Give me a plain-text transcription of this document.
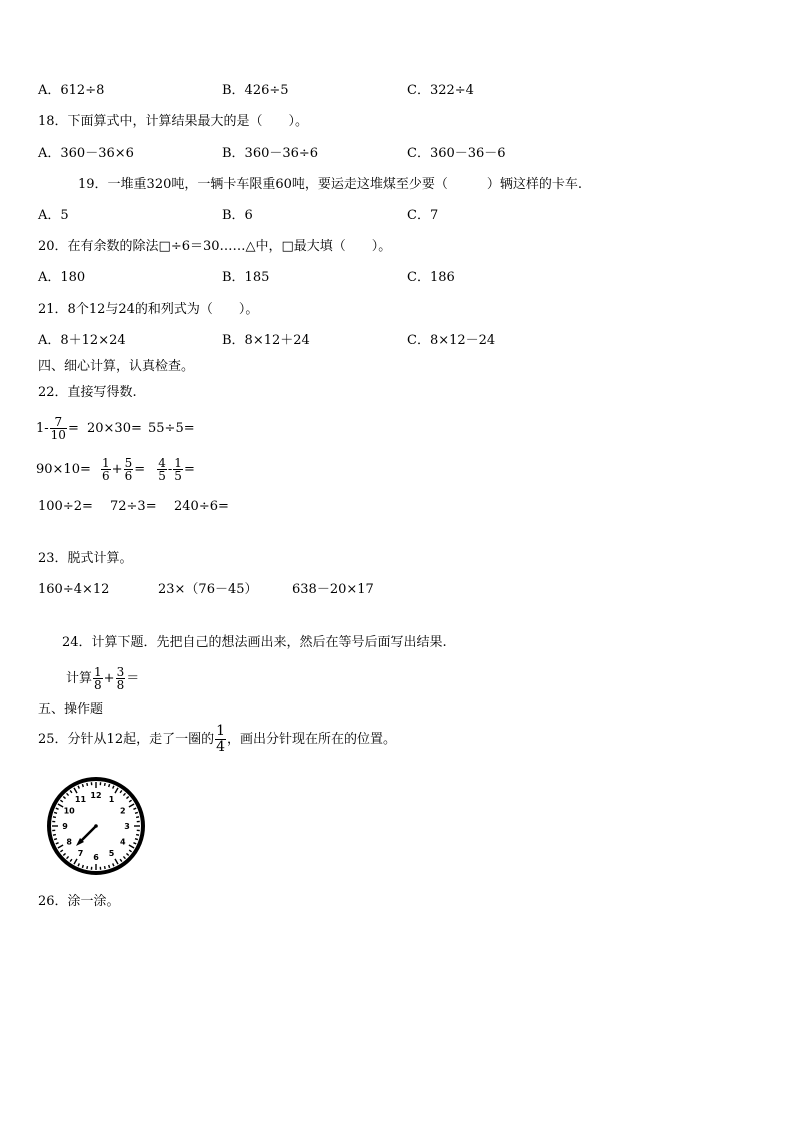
A．612÷8	B．426÷5	C．322÷4
18．下面算式中，计算结果最大的是（　　）。
A．360－36×6	B．360－36÷6	C．360－36－6
19．一堆重320吨，一辆卡车限重60吨，要运走这堆煤至少要（　　　）辆这样的卡车.
A．5	B．6	C．7
20．在有余数的除法□÷6＝30……△中，□最大填（　　）。
A．180	B．185	C．186
21．8个12与24的和列式为（　　）。
A．8＋12×24	B．8×12＋24	C．8×12－24
四、细心计算，认真检查。
22．直接写得数.
$1- \frac{7}{10} = 20\times 30= 55\div 5=$
$90\times 10= \frac{1}{6} + \frac{5}{6} = \frac{4}{5} - \frac{1}{5}$ =
100÷2= 72÷3= 240÷6=
23．脱式计算。
160÷4×12	23×（76－45）	638－20×17
24．计算下题．先把自己的想法画出来，然后在等号后面写出结果.
计算 $\frac{1}{8} + \frac{3}{8}$ ＝
五、操作题
25．分针从12起，走了一圈的 $\frac{1}{4}$ ，画出分针现在所在的位置。
12 1
2
3
4
5
6
7
8
9
10
11
26．涂一涂。
